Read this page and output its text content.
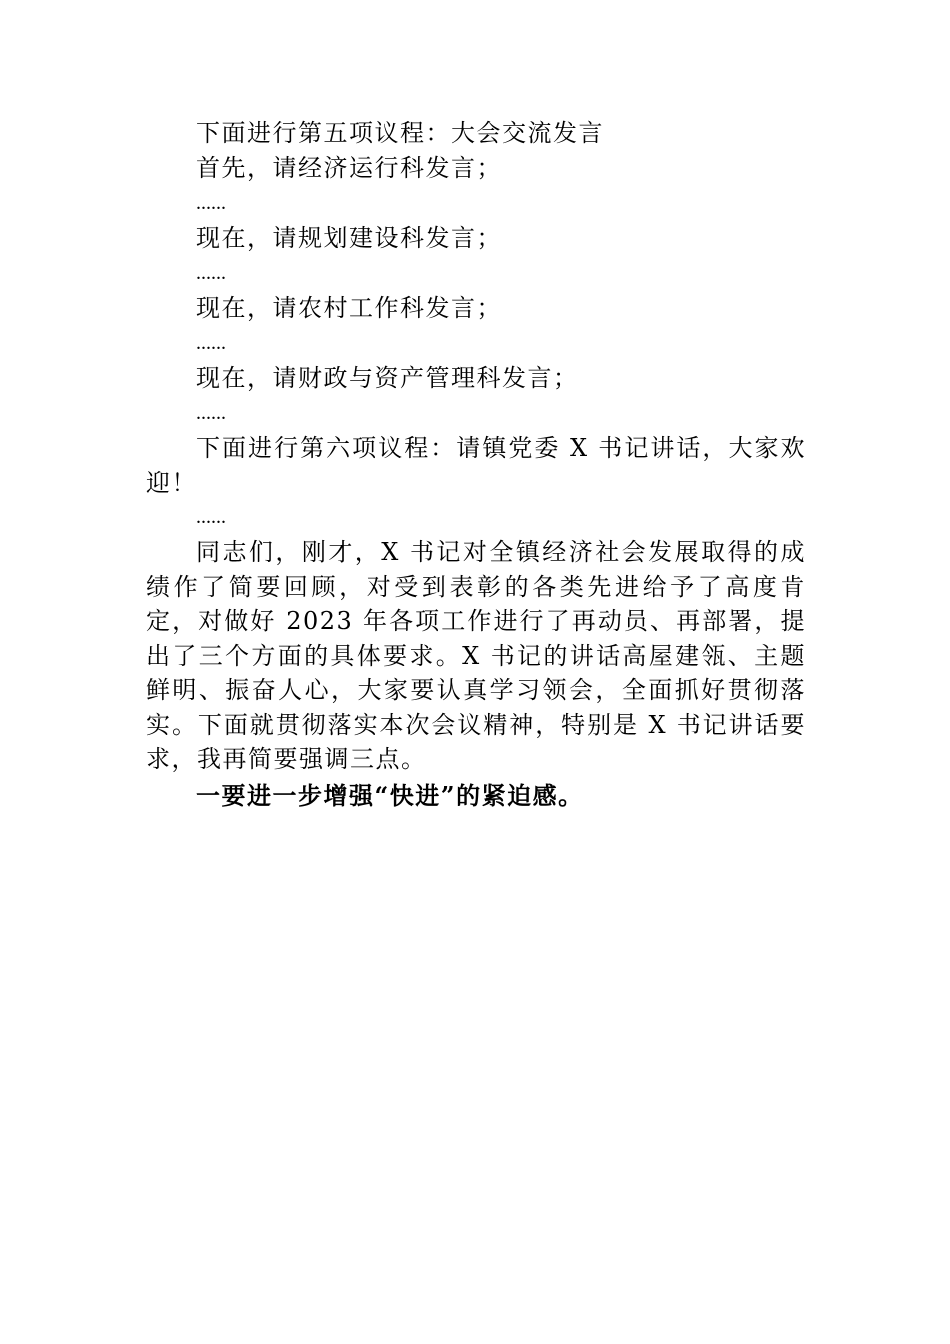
下面进行第五项议程：大会交流发言
首先，请经济运行科发言；
......
现在，请规划建设科发言；
......
现在，请农村工作科发言；
......
现在，请财政与资产管理科发言；
......

下面进行第六项议程：请镇党委 X 书记讲话，大家欢迎！

......

同志们，刚才，X 书记对全镇经济社会发展取得的成绩作了简要回顾，对受到表彰的各类先进给予了高度肯定，对做好 2023 年各项工作进行了再动员、再部署，提出了三个方面的具体要求。X 书记的讲话高屋建瓴、主题鲜明、振奋人心，大家要认真学习领会，全面抓好贯彻落实。下面就贯彻落实本次会议精神，特别是 X 书记讲话要求，我再简要强调三点。

一要进一步增强“快进”的紧迫感。
